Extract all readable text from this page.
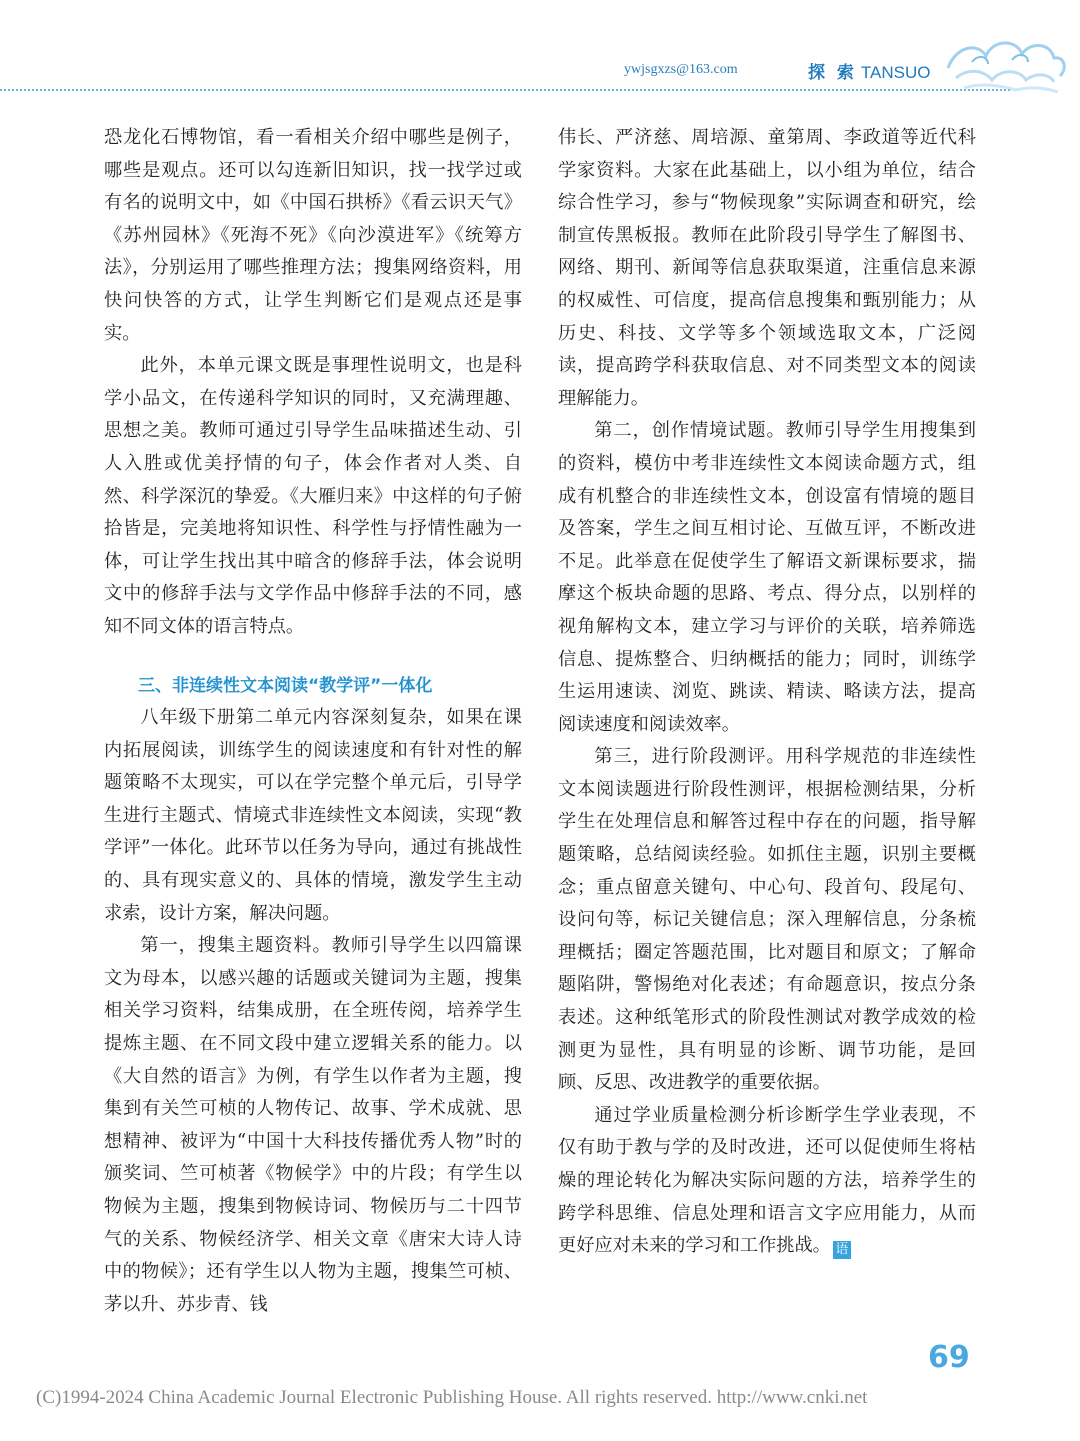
ywjsgxzs@163.com	探 索 TANSUO

恐龙化石博物馆，看一看相关介绍中哪些是例子，哪些是观点。还可以勾连新旧知识，找一找学过或有名的说明文中，如《中国石拱桥》《看云识天气》《苏州园林》《死海不死》《向沙漠进军》《统筹方法》，分别运用了哪些推理方法；搜集网络资料，用快问快答的方式，让学生判断它们是观点还是事实。

此外，本单元课文既是事理性说明文，也是科学小品文，在传递科学知识的同时，又充满理趣、思想之美。教师可通过引导学生品味描述生动、引人入胜或优美抒情的句子，体会作者对人类、自然、科学深沉的挚爱。《大雁归来》中这样的句子俯拾皆是，完美地将知识性、科学性与抒情性融为一体，可让学生找出其中暗含的修辞手法，体会说明文中的修辞手法与文学作品中修辞手法的不同，感知不同文体的语言特点。

三、非连续性文本阅读“教学评”一体化

八年级下册第二单元内容深刻复杂，如果在课内拓展阅读，训练学生的阅读速度和有针对性的解题策略不太现实，可以在学完整个单元后，引导学生进行主题式、情境式非连续性文本阅读，实现“教学评”一体化。此环节以任务为导向，通过有挑战性的、具有现实意义的、具体的情境，激发学生主动求索，设计方案，解决问题。

第一，搜集主题资料。教师引导学生以四篇课文为母本，以感兴趣的话题或关键词为主题，搜集相关学习资料，结集成册，在全班传阅，培养学生提炼主题、在不同文段中建立逻辑关系的能力。以《大自然的语言》为例，有学生以作者为主题，搜集到有关竺可桢的人物传记、故事、学术成就、思想精神、被评为“中国十大科技传播优秀人物”时的颁奖词、竺可桢著《物候学》中的片段；有学生以物候为主题，搜集到物候诗词、物候历与二十四节气的关系、物候经济学、相关文章《唐宋大诗人诗中的物候》；还有学生以人物为主题，搜集竺可桢、茅以升、苏步青、钱

伟长、严济慈、周培源、童第周、李政道等近代科学家资料。大家在此基础上，以小组为单位，结合综合性学习，参与“物候现象”实际调查和研究，绘制宣传黑板报。教师在此阶段引导学生了解图书、网络、期刊、新闻等信息获取渠道，注重信息来源的权威性、可信度，提高信息搜集和甄别能力；从历史、科技、文学等多个领域选取文本，广泛阅读，提高跨学科获取信息、对不同类型文本的阅读理解能力。

第二，创作情境试题。教师引导学生用搜集到的资料，模仿中考非连续性文本阅读命题方式，组成有机整合的非连续性文本，创设富有情境的题目及答案，学生之间互相讨论、互做互评，不断改进不足。此举意在促使学生了解语文新课标要求，揣摩这个板块命题的思路、考点、得分点，以别样的视角解构文本，建立学习与评价的关联，培养筛选信息、提炼整合、归纳概括的能力；同时，训练学生运用速读、浏览、跳读、精读、略读方法，提高阅读速度和阅读效率。

第三，进行阶段测评。用科学规范的非连续性文本阅读题进行阶段性测评，根据检测结果，分析学生在处理信息和解答过程中存在的问题，指导解题策略，总结阅读经验。如抓住主题，识别主要概念；重点留意关键句、中心句、段首句、段尾句、设问句等，标记关键信息；深入理解信息，分条梳理概括；圈定答题范围，比对题目和原文；了解命题陷阱，警惕绝对化表述；有命题意识，按点分条表述。这种纸笔形式的阶段性测试对教学成效的检测更为显性，具有明显的诊断、调节功能，是回顾、反思、改进教学的重要依据。

通过学业质量检测分析诊断学生学业表现，不仅有助于教与学的及时改进，还可以促使师生将枯燥的理论转化为解决实际问题的方法，培养学生的跨学科思维、信息处理和语言文字应用能力，从而更好应对未来的学习和工作挑战。 语

69
(C)1994-2024 China Academic Journal Electronic Publishing House. All rights reserved. http://www.cnki.net
